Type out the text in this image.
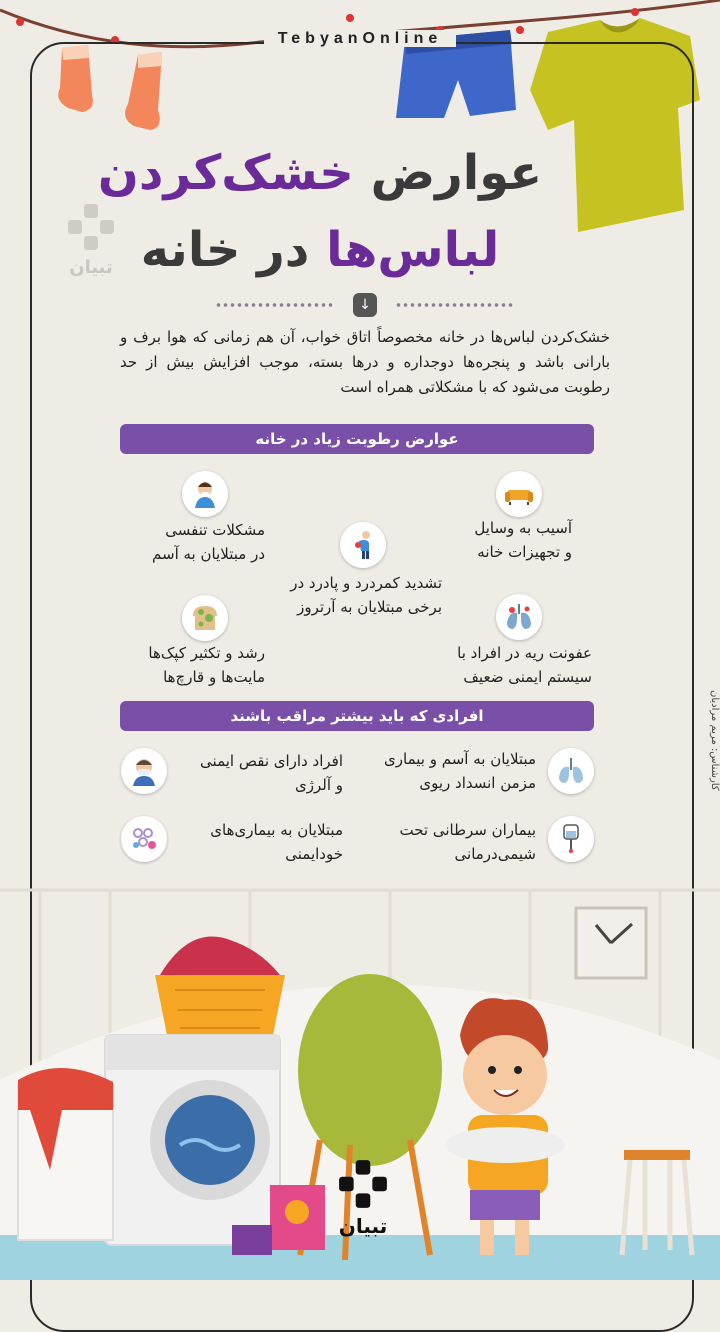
TebyanOnline
تبیان
عوارض خشک‌کردن
لباس‌ها در خانه
↓
خشک‌کردن لباس‌ها در خانه مخصوصاً اتاق خواب، آن هم زمانی که هوا برف و بارانی باشد و پنجره‌ها دوجداره و درها بسته، موجب افزایش بیش از حد رطوبت می‌شود که با مشکلاتی همراه است
عوارض رطوبت زیاد در خانه
آسیب به وسایل
و تجهیزات خانه
مشکلات تنفسی
در مبتلایان به آسم
تشدید کمردرد و پادرد در
برخی مبتلایان به آرتروز
عفونت ریه در افراد با
سیستم ایمنی ضعیف
رشد و تکثیر کپک‌ها
مایت‌ها و قارچ‌ها
افرادی که باید بیشتر مراقب باشند
مبتلایان به آسم و بیماری
مزمن انسداد ریوی
افراد دارای نقص ایمنی
و آلرژی
بیماران سرطانی تحت
شیمی‌درمانی
مبتلایان به بیماری‌های
خودایمنی
کارشناس: مریم مرادیان
تبیان
